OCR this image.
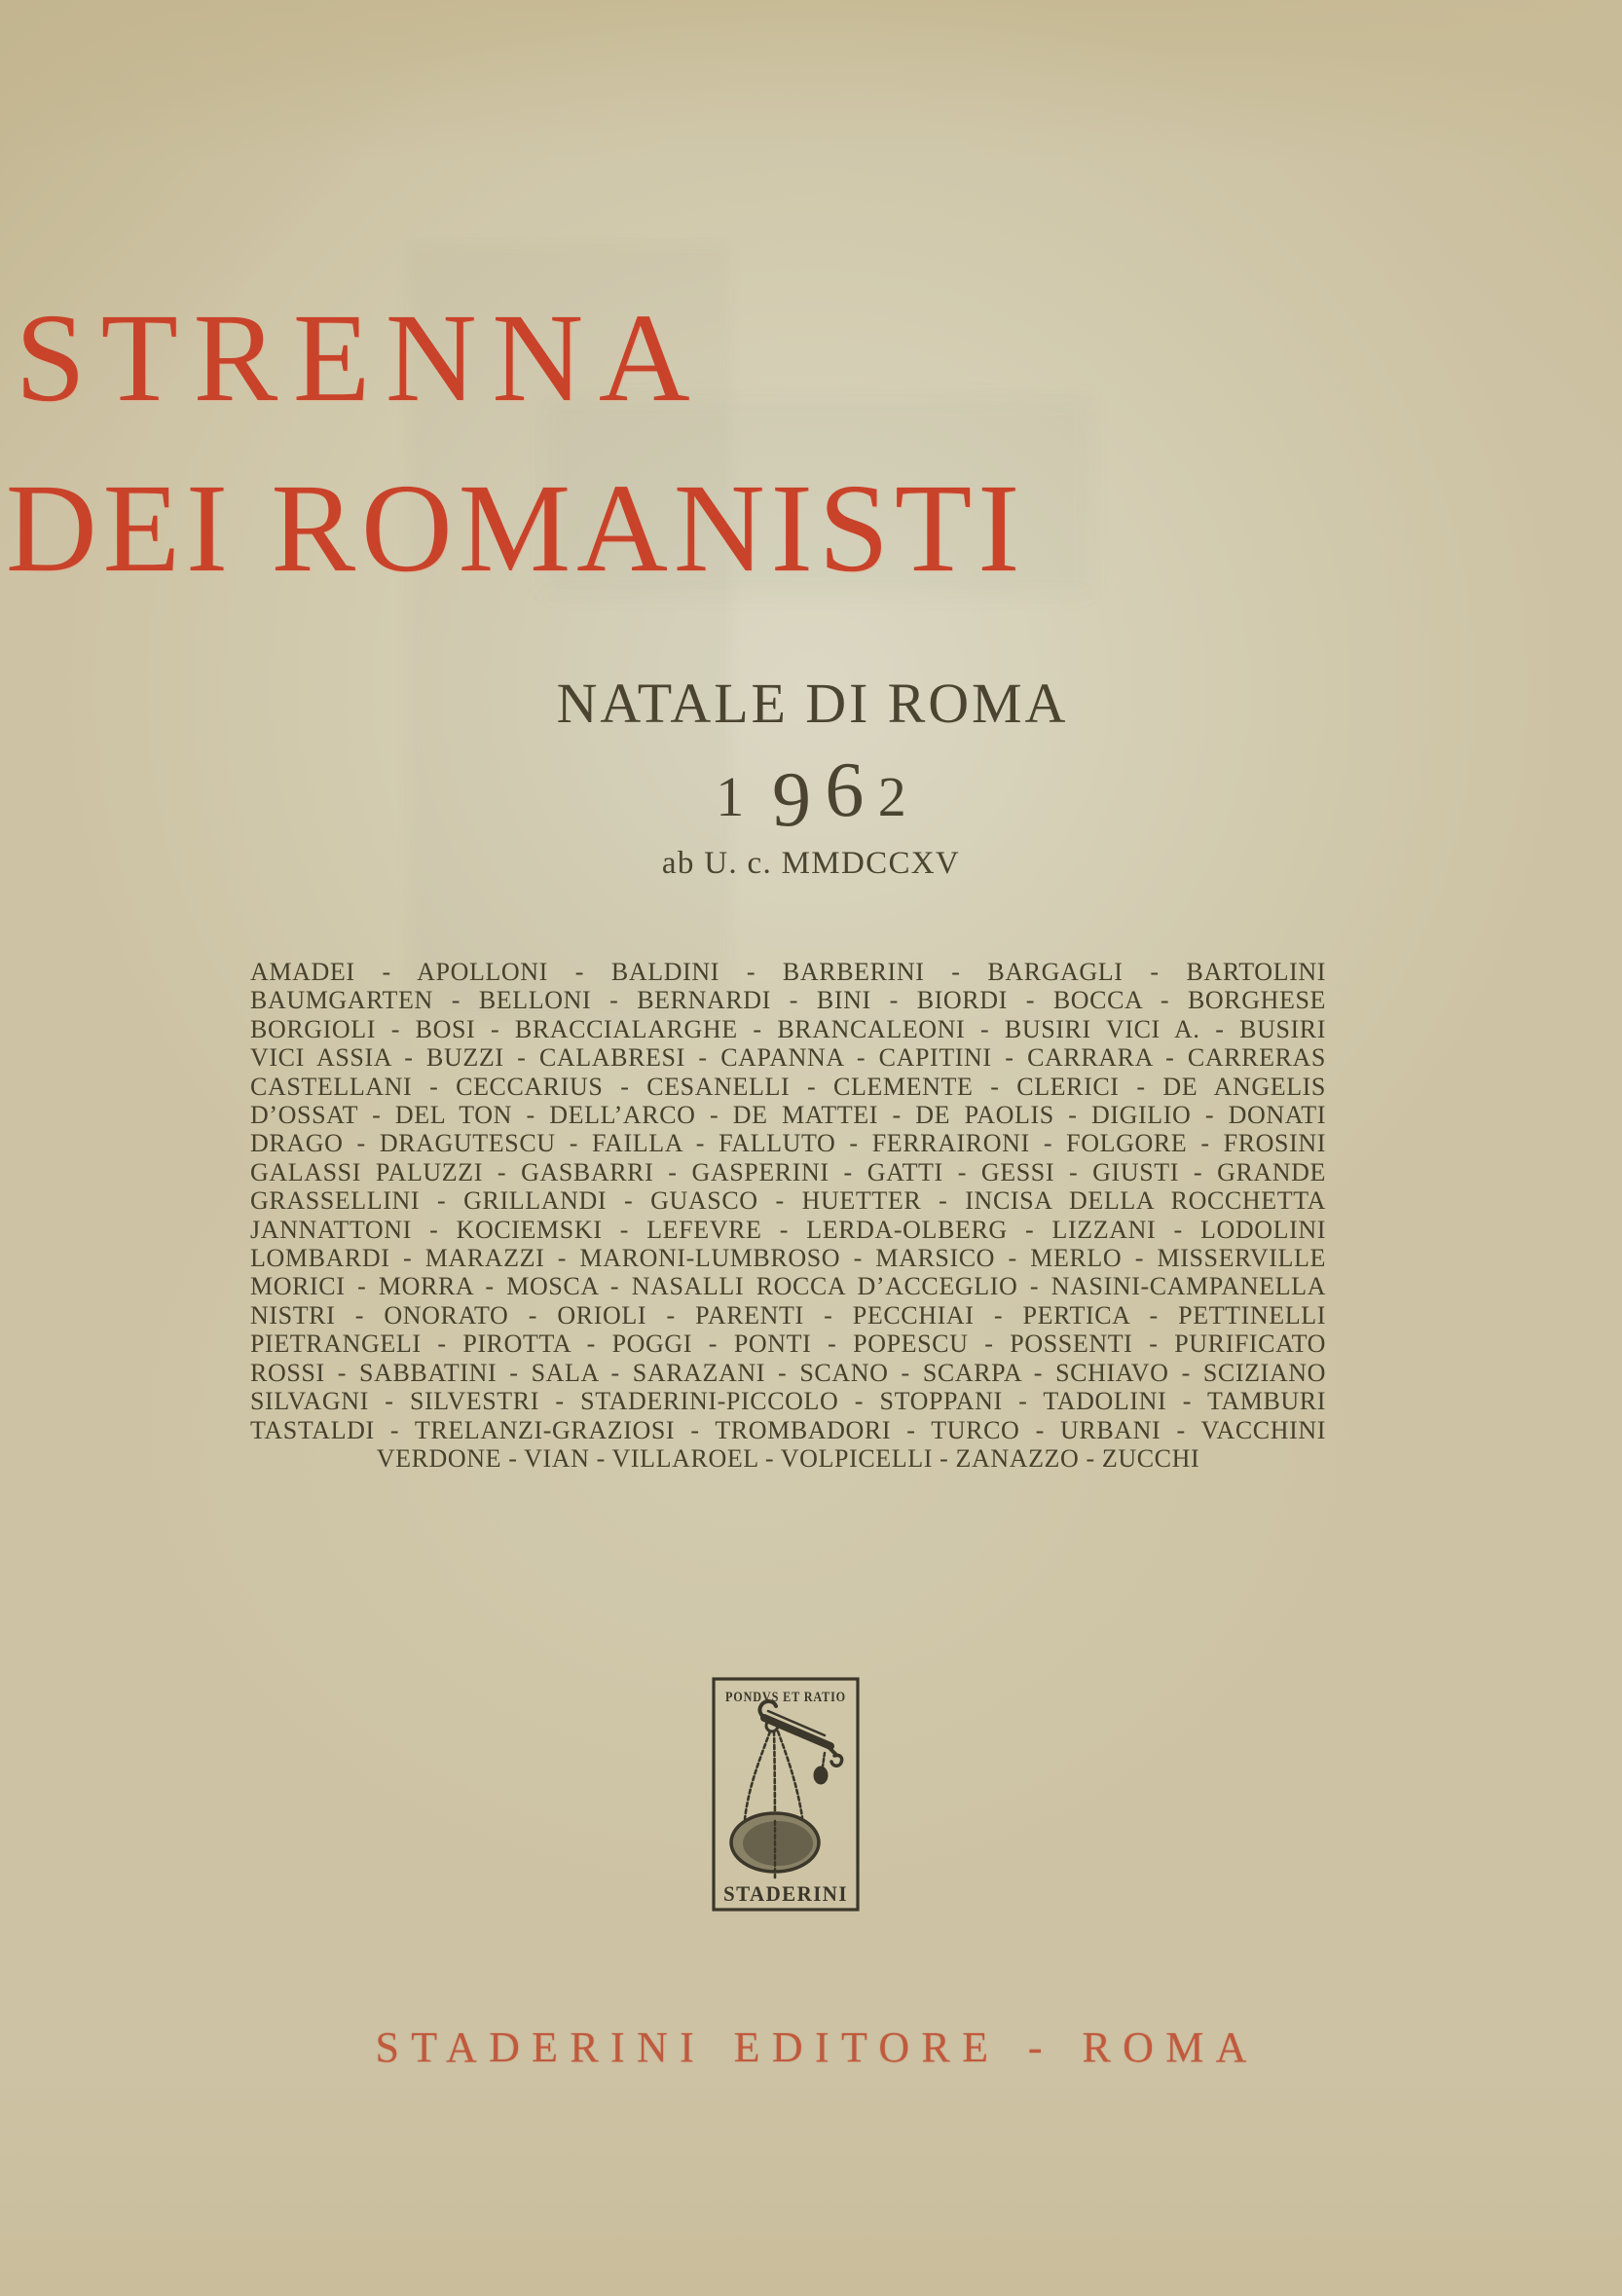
STRENNA
DEI ROMANISTI
NATALE DI ROMA
1 962
ab U. c. MMDCCXV
AMADEI - APOLLONI - BALDINI - BARBERINI - BARGAGLI - BARTOLINI
BAUMGARTEN - BELLONI - BERNARDI - BINI - BIORDI - BOCCA - BORGHESE
BORGIOLI - BOSI - BRACCIALARGHE - BRANCALEONI - BUSIRI VICI A. - BUSIRI
VICI ASSIA - BUZZI - CALABRESI - CAPANNA - CAPITINI - CARRARA - CARRERAS
CASTELLANI - CECCARIUS - CESANELLI - CLEMENTE - CLERICI - DE ANGELIS
D’OSSAT - DEL TON - DELL’ARCO - DE MATTEI - DE PAOLIS - DIGILIO - DONATI
DRAGO - DRAGUTESCU - FAILLA - FALLUTO - FERRAIRONI - FOLGORE - FROSINI
GALASSI PALUZZI - GASBARRI - GASPERINI - GATTI - GESSI - GIUSTI - GRANDE
GRASSELLINI - GRILLANDI - GUASCO - HUETTER - INCISA DELLA ROCCHETTA
JANNATTONI - KOCIEMSKI - LEFEVRE - LERDA-OLBERG - LIZZANI - LODOLINI
LOMBARDI - MARAZZI - MARONI-LUMBROSO - MARSICO - MERLO - MISSERVILLE
MORICI - MORRA - MOSCA - NASALLI ROCCA D’ACCEGLIO - NASINI-CAMPANELLA
NISTRI - ONORATO - ORIOLI - PARENTI - PECCHIAI - PERTICA - PETTINELLI
PIETRANGELI - PIROTTA - POGGI - PONTI - POPESCU - POSSENTI - PURIFICATO
ROSSI - SABBATINI - SALA - SARAZANI - SCANO - SCARPA - SCHIAVO - SCIZIANO
SILVAGNI - SILVESTRI - STADERINI-PICCOLO - STOPPANI - TADOLINI - TAMBURI
TASTALDI - TRELANZI-GRAZIOSI - TROMBADORI - TURCO - URBANI - VACCHINI
VERDONE - VIAN - VILLAROEL - VOLPICELLI - ZANAZZO - ZUCCHI
PONDVS ET RATIO
STADERINI
STADERINI EDITORE - ROMA
